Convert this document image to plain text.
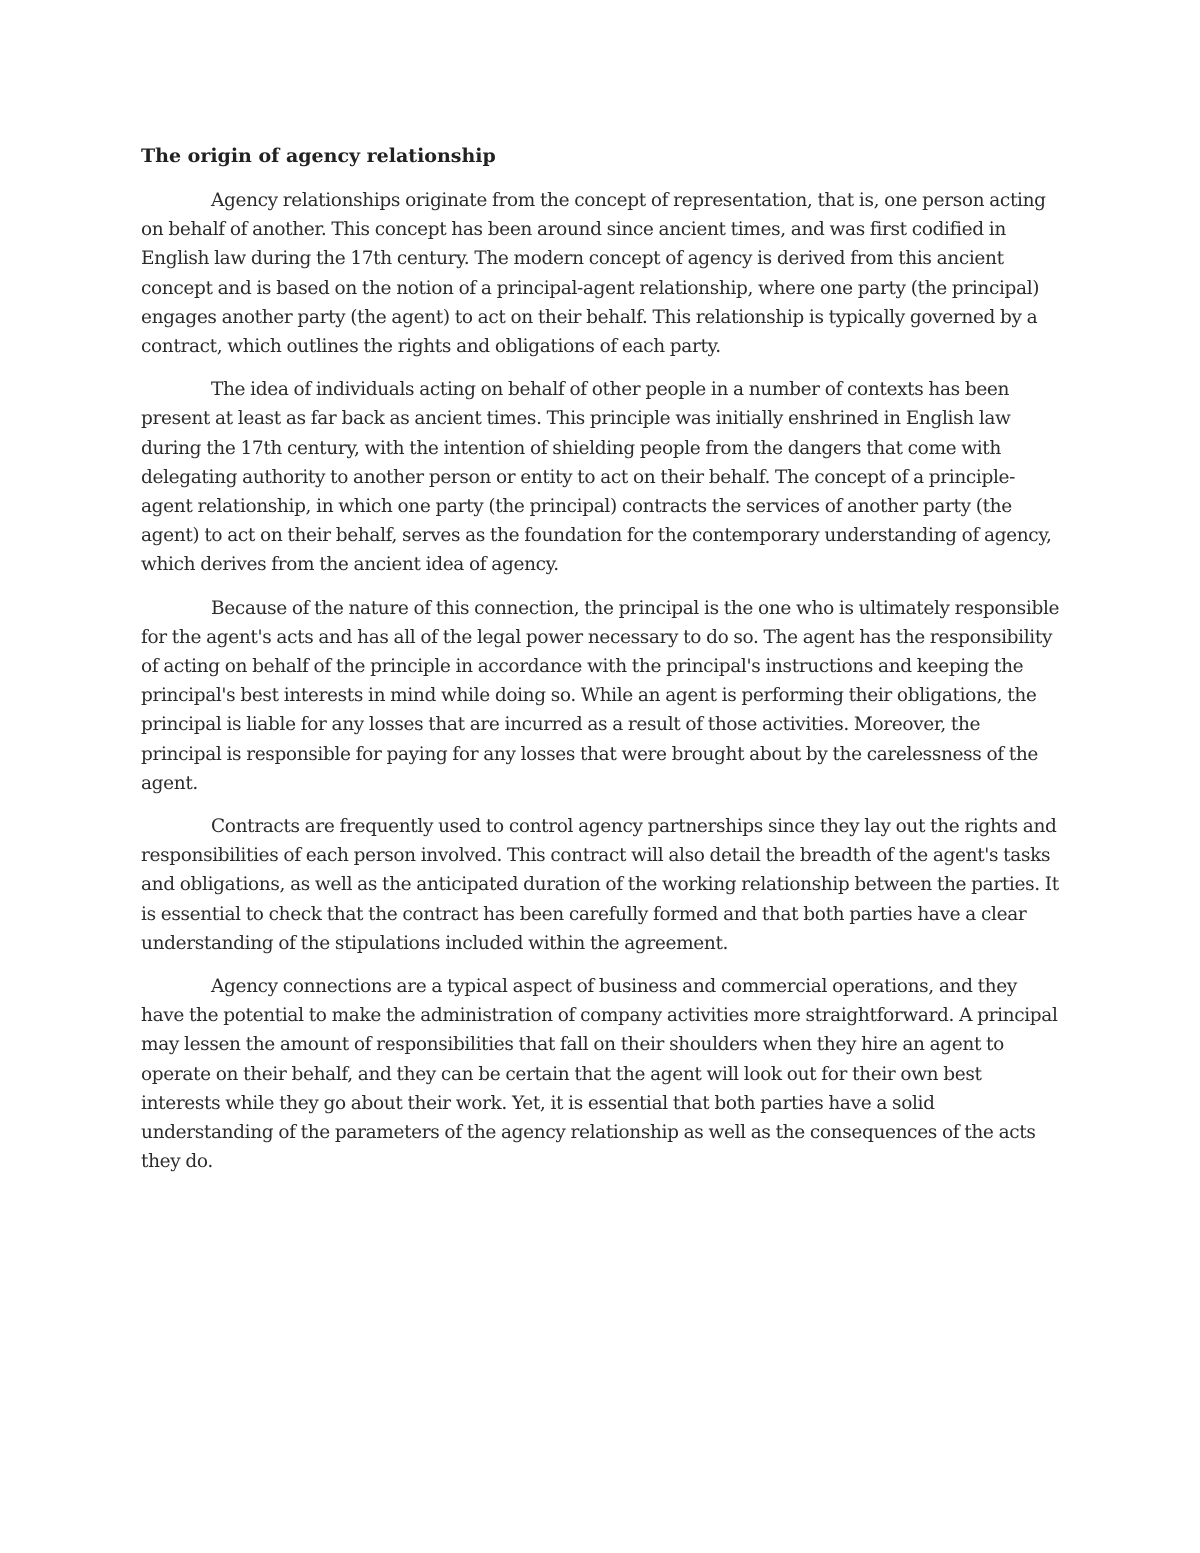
The origin of agency relationship

Agency relationships originate from the concept of representation, that is, one person acting on behalf of another. This concept has been around since ancient times, and was first codified in English law during the 17th century. The modern concept of agency is derived from this ancient concept and is based on the notion of a principal-agent relationship, where one party (the principal) engages another party (the agent) to act on their behalf. This relationship is typically governed by a contract, which outlines the rights and obligations of each party.

The idea of individuals acting on behalf of other people in a number of contexts has been present at least as far back as ancient times. This principle was initially enshrined in English law during the 17th century, with the intention of shielding people from the dangers that come with delegating authority to another person or entity to act on their behalf. The concept of a principle-agent relationship, in which one party (the principal) contracts the services of another party (the agent) to act on their behalf, serves as the foundation for the contemporary understanding of agency, which derives from the ancient idea of agency.

Because of the nature of this connection, the principal is the one who is ultimately responsible for the agent's acts and has all of the legal power necessary to do so. The agent has the responsibility of acting on behalf of the principle in accordance with the principal's instructions and keeping the principal's best interests in mind while doing so. While an agent is performing their obligations, the principal is liable for any losses that are incurred as a result of those activities. Moreover, the principal is responsible for paying for any losses that were brought about by the carelessness of the agent.

Contracts are frequently used to control agency partnerships since they lay out the rights and responsibilities of each person involved. This contract will also detail the breadth of the agent's tasks and obligations, as well as the anticipated duration of the working relationship between the parties. It is essential to check that the contract has been carefully formed and that both parties have a clear understanding of the stipulations included within the agreement.

Agency connections are a typical aspect of business and commercial operations, and they have the potential to make the administration of company activities more straightforward. A principal may lessen the amount of responsibilities that fall on their shoulders when they hire an agent to operate on their behalf, and they can be certain that the agent will look out for their own best interests while they go about their work. Yet, it is essential that both parties have a solid understanding of the parameters of the agency relationship as well as the consequences of the acts they do.
